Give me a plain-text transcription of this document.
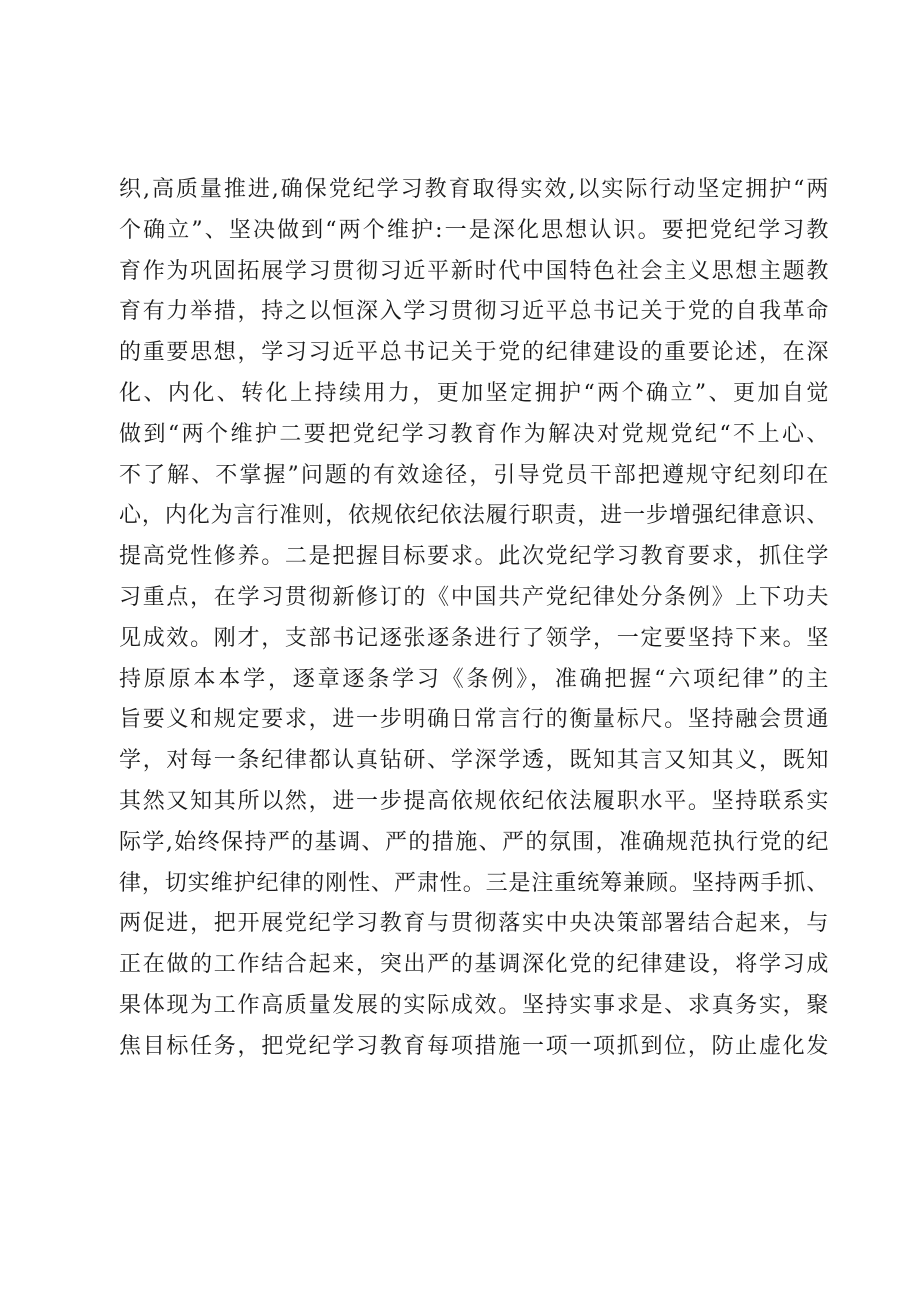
织,高质量推进,确保党纪学习教育取得实效,以实际行动坚定拥护“两
个确立”、坚决做到“两个维护:一是深化思想认识。要把党纪学习教
育作为巩固拓展学习贯彻习近平新时代中国特色社会主义思想主题教
育有力举措，持之以恒深入学习贯彻习近平总书记关于党的自我革命
的重要思想，学习习近平总书记关于党的纪律建设的重要论述，在深
化、内化、转化上持续用力，更加坚定拥护“两个确立”、更加自觉
做到“两个维护二要把党纪学习教育作为解决对党规党纪“不上心、
不了解、不掌握”问题的有效途径，引导党员干部把遵规守纪刻印在
心，内化为言行准则，依规依纪依法履行职责，进一步增强纪律意识、
提高党性修养。二是把握目标要求。此次党纪学习教育要求，抓住学
习重点，在学习贯彻新修订的《中国共产党纪律处分条例》上下功夫
见成效。刚才，支部书记逐张逐条进行了领学，一定要坚持下来。坚
持原原本本学，逐章逐条学习《条例》，准确把握“六项纪律”的主
旨要义和规定要求，进一步明确日常言行的衡量标尺。坚持融会贯通
学，对每一条纪律都认真钻研、学深学透，既知其言又知其义，既知
其然又知其所以然，进一步提高依规依纪依法履职水平。坚持联系实
际学,始终保持严的基调、严的措施、严的氛围，准确规范执行党的纪
律，切实维护纪律的刚性、严肃性。三是注重统筹兼顾。坚持两手抓、
两促进，把开展党纪学习教育与贯彻落实中央决策部署结合起来，与
正在做的工作结合起来，突出严的基调深化党的纪律建设，将学习成
果体现为工作高质量发展的实际成效。坚持实事求是、求真务实，聚
焦目标任务，把党纪学习教育每项措施一项一项抓到位，防止虚化发
